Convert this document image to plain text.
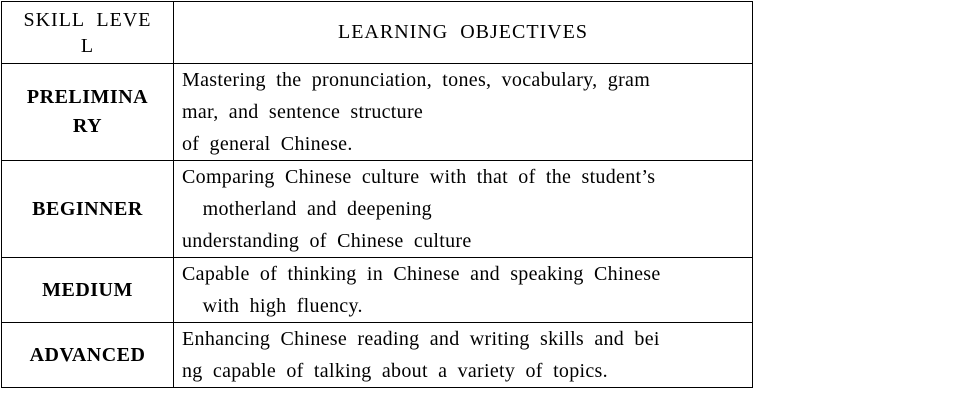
SKILL LEVE
L	LEARNING OBJECTIVES

PRELIMINA
RY	Mastering the pronunciation, tones, vocabulary, gram
mar, and sentence structure
of general Chinese.

BEGINNER	Comparing Chinese culture with that of the student’s
motherland and deepening
understanding of Chinese culture

MEDIUM	Capable of thinking in Chinese and speaking Chinese
with high fluency.

ADVANCED	Enhancing Chinese reading and writing skills and bei
ng capable of talking about a variety of topics.
